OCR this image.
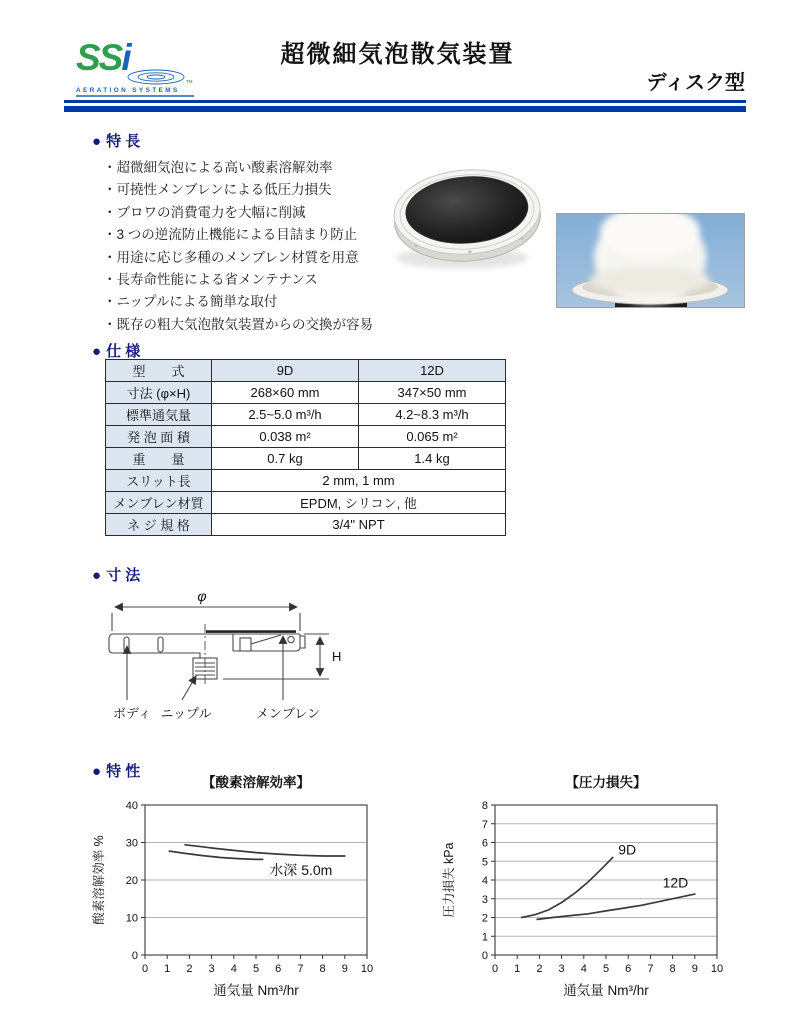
SSi
TM
AERATION SYSTEMS
超微細気泡散気装置
ディスク型
● 特 長
・超微細気泡による高い酸素溶解効率
・可撓性メンブレンによる低圧力損失
・ブロワの消費電力を大幅に削減
・3 つの逆流防止機能による目詰まり防止
・用途に応じ多種のメンブレン材質を用意
・長寿命性能による省メンテナンス
・ニップルによる簡単な取付
・既存の粗大気泡散気装置からの交換が容易
● 仕 様
型　　式	9D	12D
寸法 (φ×H)	268×60 mm	347×50 mm
標準通気量	2.5~5.0 m³/h	4.2~8.3 m³/h
発 泡 面 積	0.038 m²	0.065 m²
重　　量	0.7 kg	1.4 kg
スリット長	2 mm, 1 mm	
メンブレン材質	EPDM, シリコン, 他	
ネ ジ 規 格	3/4" NPT	
● 寸 法
φ
H
ボディ ニップル	メンブレン
● 特 性
【酸素溶解効率】
0
10
20
30
40
0 1 2 3 4 5 6 7 8 9 10
水深 5.0m
通気量 Nm³/hr
酸素溶解効率 %
【圧力損失】
0
1
2
3
4
5
6
7
8
0 1 2 3 4 5 6 7 8 9 10
9D
12D
通気量 Nm³/hr
圧力損失 kPa
